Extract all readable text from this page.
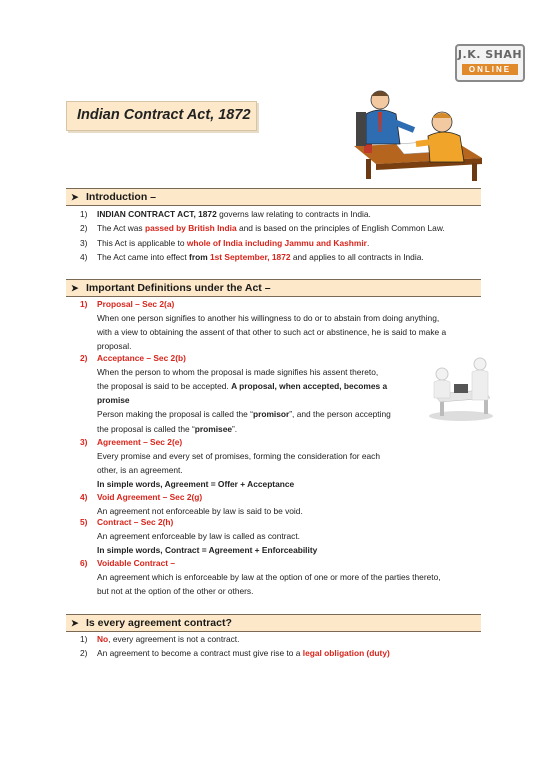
J.K. SHAH
ONLINE
Indian Contract Act, 1872
➤ Introduction –
➤ Important Definitions under the Act –
➤ Is every agreement contract?
1) INDIAN CONTRACT ACT, 1872 governs law relating to contracts in India.
2) The Act was passed by British India and is based on the principles of English Common Law.
3) This Act is applicable to whole of India including Jammu and Kashmir.
4) The Act came into effect from 1st September, 1872 and applies to all contracts in India.
1) Proposal – Sec 2(a)
When one person signifies to another his willingness to do or to abstain from doing anything,
with a view to obtaining the assent of that other to such act or abstinence, he is said to make a
proposal.
2) Acceptance – Sec 2(b)
When the person to whom the proposal is made signifies his assent thereto,
the proposal is said to be accepted. A proposal, when accepted, becomes a
promise
Person making the proposal is called the “promisor”, and the person accepting
the proposal is called the “promisee”.
3) Agreement – Sec 2(e)
Every promise and every set of promises, forming the consideration for each
other, is an agreement.
In simple words, Agreement = Offer + Acceptance
4) Void Agreement – Sec 2(g)
An agreement not enforceable by law is said to be void.
5) Contract – Sec 2(h)
An agreement enforceable by law is called as contract.
In simple words, Contract = Agreement + Enforceability
6) Voidable Contract –
An agreement which is enforceable by law at the option of one or more of the parties thereto,
but not at the option of the other or others.
1) No, every agreement is not a contract.
2) An agreement to become a contract must give rise to a legal obligation (duty)
